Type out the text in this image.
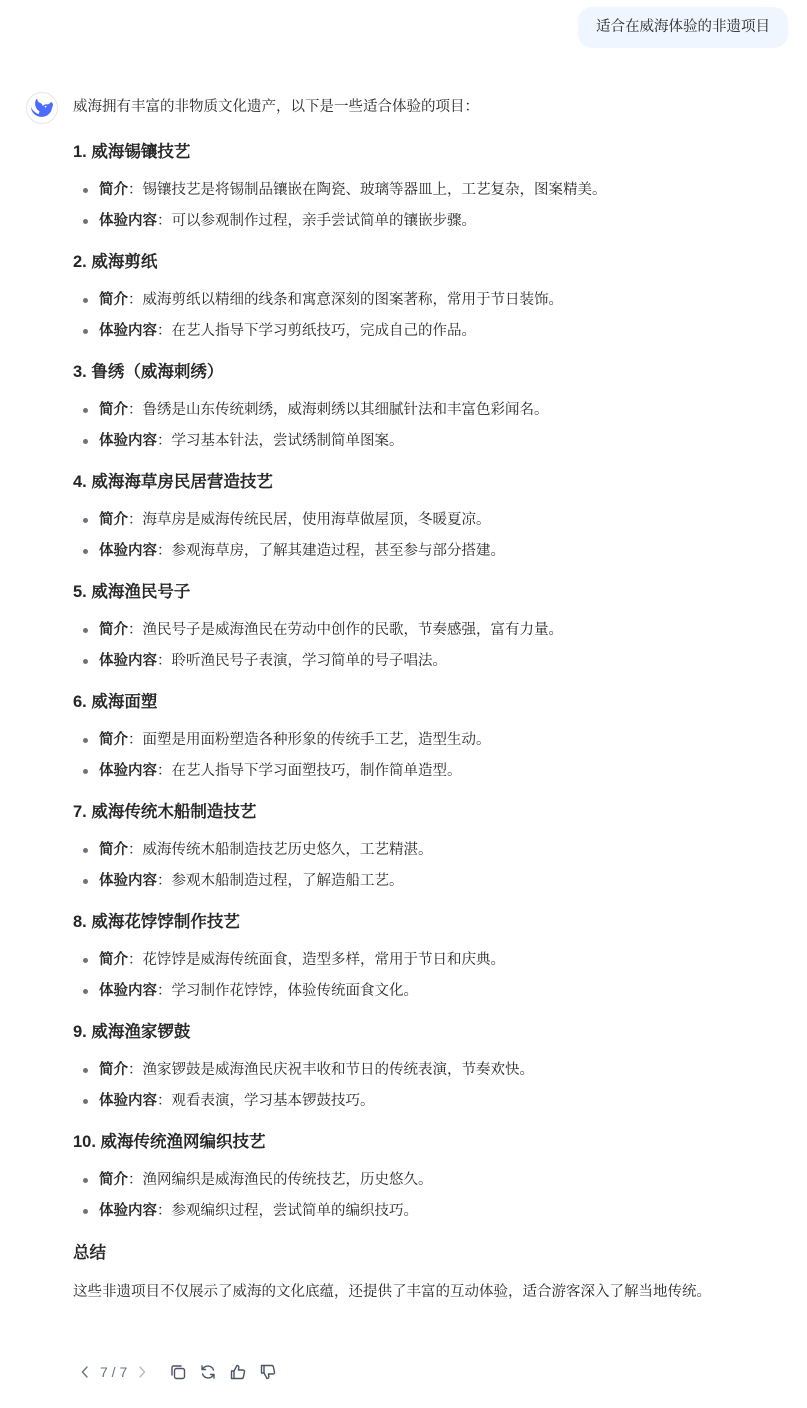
适合在威海体验的非遗项目

威海拥有丰富的非物质文化遗产，以下是一些适合体验的项目：

1. 威海锡镶技艺
简介：锡镶技艺是将锡制品镶嵌在陶瓷、玻璃等器皿上，工艺复杂，图案精美。
体验内容：可以参观制作过程，亲手尝试简单的镶嵌步骤。
2. 威海剪纸
简介：威海剪纸以精细的线条和寓意深刻的图案著称，常用于节日装饰。
体验内容：在艺人指导下学习剪纸技巧，完成自己的作品。
3. 鲁绣（威海刺绣）
简介：鲁绣是山东传统刺绣，威海刺绣以其细腻针法和丰富色彩闻名。
体验内容：学习基本针法，尝试绣制简单图案。
4. 威海海草房民居营造技艺
简介：海草房是威海传统民居，使用海草做屋顶，冬暖夏凉。
体验内容：参观海草房，了解其建造过程，甚至参与部分搭建。
5. 威海渔民号子
简介：渔民号子是威海渔民在劳动中创作的民歌，节奏感强，富有力量。
体验内容：聆听渔民号子表演，学习简单的号子唱法。
6. 威海面塑
简介：面塑是用面粉塑造各种形象的传统手工艺，造型生动。
体验内容：在艺人指导下学习面塑技巧，制作简单造型。
7. 威海传统木船制造技艺
简介：威海传统木船制造技艺历史悠久，工艺精湛。
体验内容：参观木船制造过程，了解造船工艺。
8. 威海花饽饽制作技艺
简介：花饽饽是威海传统面食，造型多样，常用于节日和庆典。
体验内容：学习制作花饽饽，体验传统面食文化。
9. 威海渔家锣鼓
简介：渔家锣鼓是威海渔民庆祝丰收和节日的传统表演，节奏欢快。
体验内容：观看表演，学习基本锣鼓技巧。
10. 威海传统渔网编织技艺
简介：渔网编织是威海渔民的传统技艺，历史悠久。
体验内容：参观编织过程，尝试简单的编织技巧。

总结

这些非遗项目不仅展示了威海的文化底蕴，还提供了丰富的互动体验，适合游客深入了解当地传统。

7 / 7
